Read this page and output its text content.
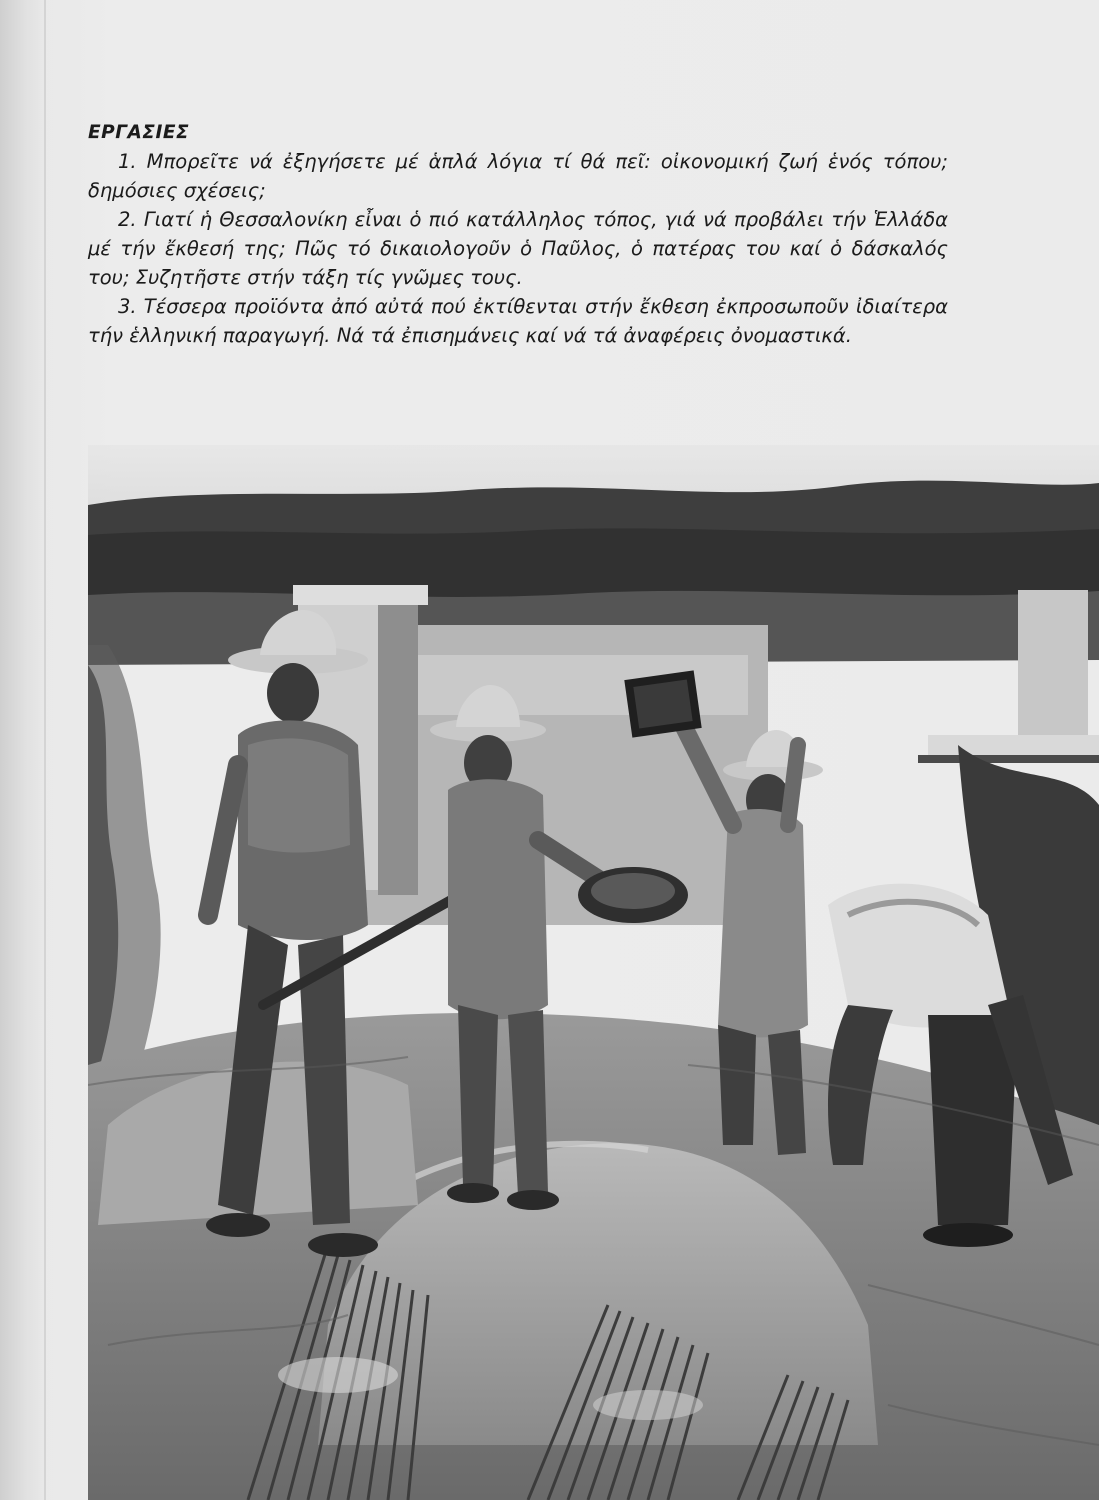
ΕΡΓΑΣΙΕΣ

1. Μπορεῖτε νά ἐξηγήσετε μέ ἁπλά λόγια τί θά πεῖ: οἰκονομική ζωή ἑνός τόπου; δημόσιες σχέσεις;

2. Γιατί ἡ Θεσσαλονίκη εἶναι ὁ πιό κατάλληλος τόπος, γιά νά προβάλει τήν Ἑλλάδα μέ τήν ἔκθεσή της; Πῶς τό δικαιολογοῦν ὁ Παῦλος, ὁ πατέρας του καί ὁ δάσκαλός του; Συζητῆστε στήν τάξη τίς γνῶμες τους.

3. Τέσσερα προϊόντα ἀπό αὐτά πού ἐκτίθενται στήν ἔκθεση ἐκπροσωποῦν ἰδιαίτερα τήν ἑλληνική παραγωγή. Νά τά ἐπισημάνεις καί νά τά ἀναφέρεις ὀνομαστικά.
